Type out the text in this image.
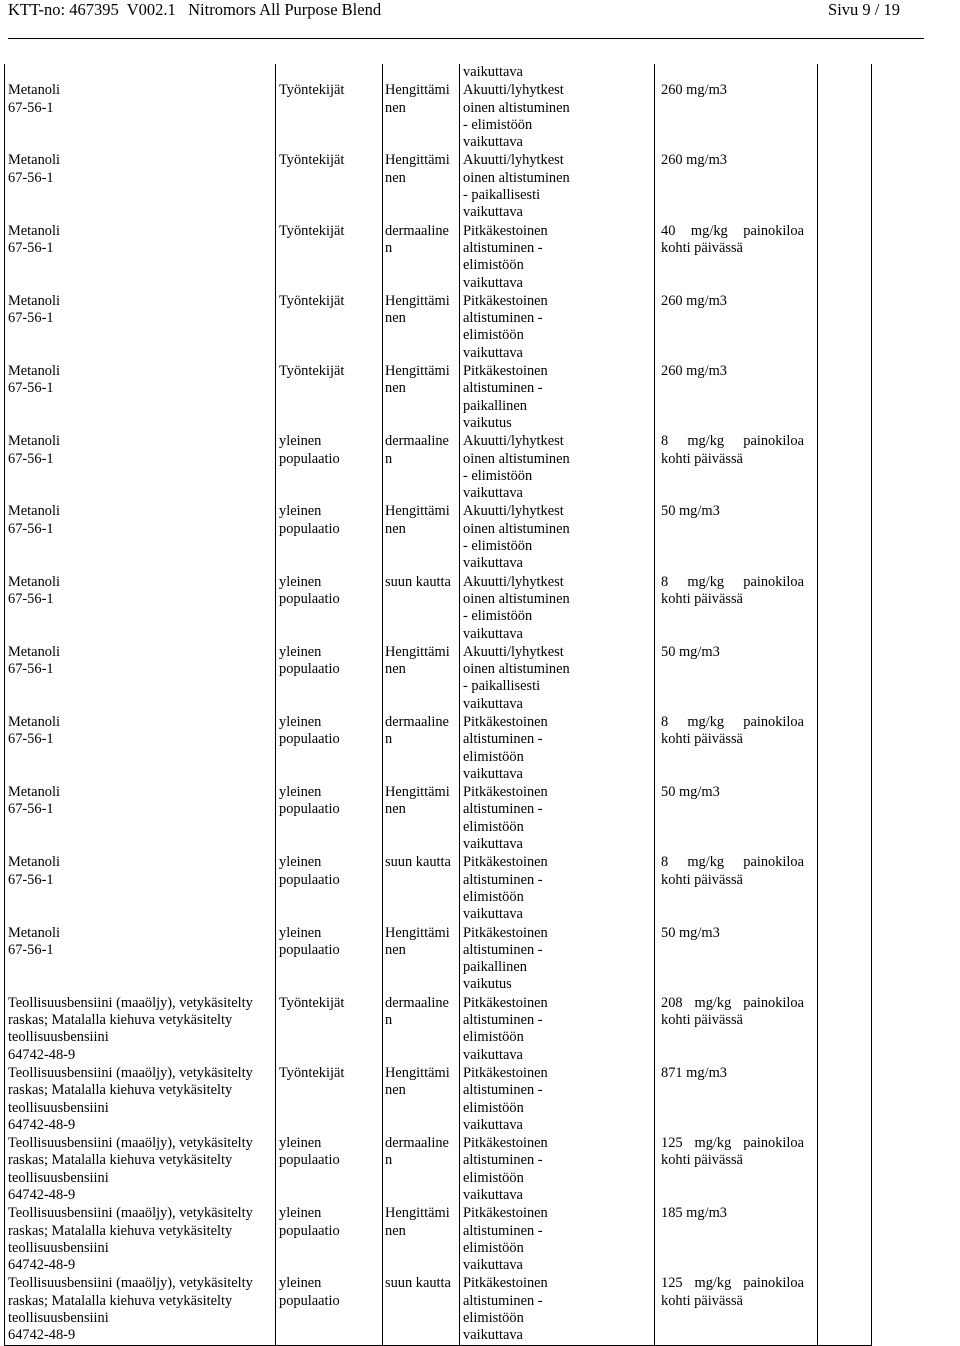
KTT-no: 467395  V002.1   Nitromors All Purpose Blend	Sivu 9 / 19
			vaikuttava		

Metanoli
67-56-1	Työntekijät	Hengittämi
nen	Akuutti/lyhytkest
oinen altistuminen
- elimistöön
vaikuttava	260 mg/m3	

Metanoli
67-56-1	Työntekijät	Hengittämi
nen	Akuutti/lyhytkest
oinen altistuminen
- paikallisesti
vaikuttava	260 mg/m3	

Metanoli
67-56-1	Työntekijät	dermaaline
n	Pitkäkestoinen
altistuminen -
elimistöön
vaikuttava	40 mg/kg painokiloa kohti päivässä	

Metanoli
67-56-1	Työntekijät	Hengittämi
nen	Pitkäkestoinen
altistuminen -
elimistöön
vaikuttava	260 mg/m3	

Metanoli
67-56-1	Työntekijät	Hengittämi
nen	Pitkäkestoinen
altistuminen -
paikallinen
vaikutus	260 mg/m3	

Metanoli
67-56-1	yleinen
populaatio	dermaaline
n	Akuutti/lyhytkest
oinen altistuminen
- elimistöön
vaikuttava	8 mg/kg painokiloa kohti päivässä	

Metanoli
67-56-1	yleinen
populaatio	Hengittämi
nen	Akuutti/lyhytkest
oinen altistuminen
- elimistöön
vaikuttava	50 mg/m3	

Metanoli
67-56-1	yleinen
populaatio	suun kautta	Akuutti/lyhytkest
oinen altistuminen
- elimistöön
vaikuttava	8 mg/kg painokiloa kohti päivässä	

Metanoli
67-56-1	yleinen
populaatio	Hengittämi
nen	Akuutti/lyhytkest
oinen altistuminen
- paikallisesti
vaikuttava	50 mg/m3	

Metanoli
67-56-1	yleinen
populaatio	dermaaline
n	Pitkäkestoinen
altistuminen -
elimistöön
vaikuttava	8 mg/kg painokiloa kohti päivässä	

Metanoli
67-56-1	yleinen
populaatio	Hengittämi
nen	Pitkäkestoinen
altistuminen -
elimistöön
vaikuttava	50 mg/m3	

Metanoli
67-56-1	yleinen
populaatio	suun kautta	Pitkäkestoinen
altistuminen -
elimistöön
vaikuttava	8 mg/kg painokiloa kohti päivässä	

Metanoli
67-56-1	yleinen
populaatio	Hengittämi
nen	Pitkäkestoinen
altistuminen -
paikallinen
vaikutus	50 mg/m3	

Teollisuusbensiini (maaöljy), vetykäsitelty
raskas; Matalalla kiehuva vetykäsitelty
teollisuusbensiini
64742-48-9	Työntekijät	dermaaline
n	Pitkäkestoinen
altistuminen -
elimistöön
vaikuttava	208 mg/kg painokiloa kohti päivässä	

Teollisuusbensiini (maaöljy), vetykäsitelty
raskas; Matalalla kiehuva vetykäsitelty
teollisuusbensiini
64742-48-9	Työntekijät	Hengittämi
nen	Pitkäkestoinen
altistuminen -
elimistöön
vaikuttava	871 mg/m3	

Teollisuusbensiini (maaöljy), vetykäsitelty
raskas; Matalalla kiehuva vetykäsitelty
teollisuusbensiini
64742-48-9	yleinen
populaatio	dermaaline
n	Pitkäkestoinen
altistuminen -
elimistöön
vaikuttava	125 mg/kg painokiloa kohti päivässä	

Teollisuusbensiini (maaöljy), vetykäsitelty
raskas; Matalalla kiehuva vetykäsitelty
teollisuusbensiini
64742-48-9	yleinen
populaatio	Hengittämi
nen	Pitkäkestoinen
altistuminen -
elimistöön
vaikuttava	185 mg/m3	

Teollisuusbensiini (maaöljy), vetykäsitelty
raskas; Matalalla kiehuva vetykäsitelty
teollisuusbensiini
64742-48-9	yleinen
populaatio	suun kautta	Pitkäkestoinen
altistuminen -
elimistöön
vaikuttava	125 mg/kg painokiloa kohti päivässä	
